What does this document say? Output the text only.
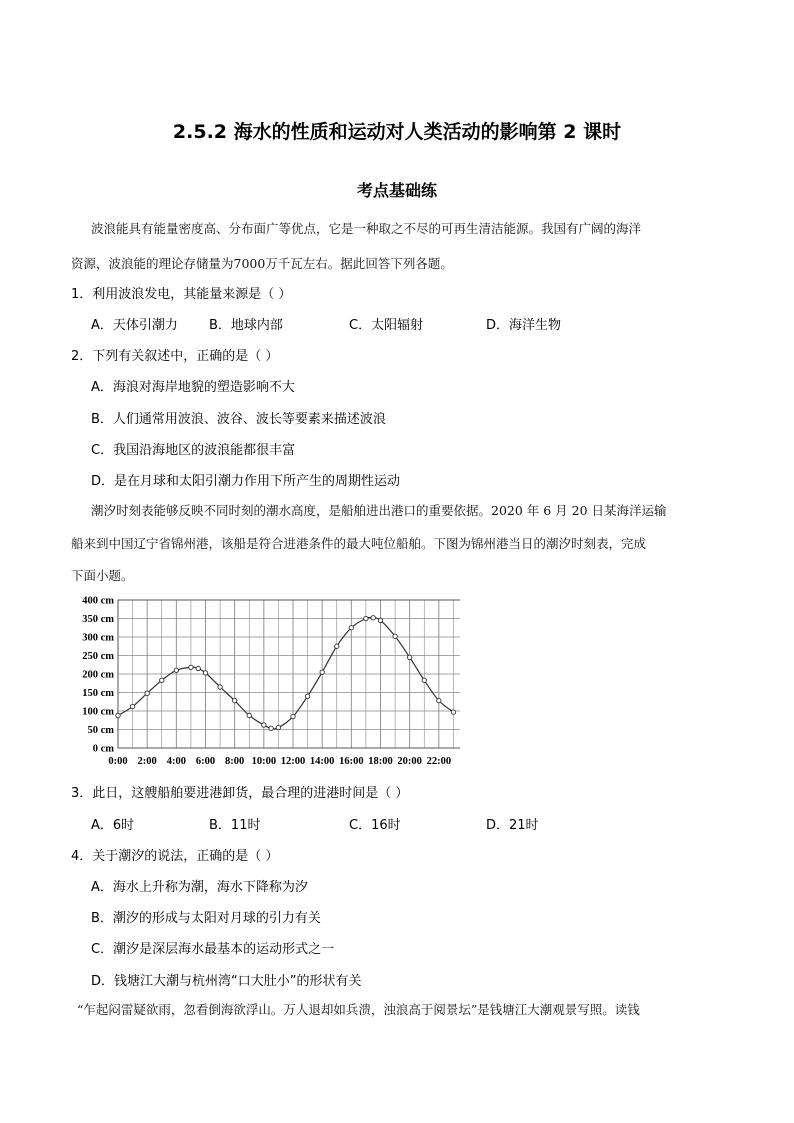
2.5.2 海水的性质和运动对人类活动的影响第 2 课时
考点基础练
波浪能具有能量密度高、分布面广等优点，它是一种取之不尽的可再生清洁能源。我国有广阔的海洋
资源，波浪能的理论存储量为7000万千瓦左右。据此回答下列各题。
1．利用波浪发电，其能量来源是（ ）
A．天体引潮力 B．地球内部	C．太阳辐射	D．海洋生物
2．下列有关叙述中，正确的是（ ）
A．海浪对海岸地貌的塑造影响不大
B．人们通常用波浪、波谷、波长等要素来描述波浪
C．我国沿海地区的波浪能都很丰富
D．是在月球和太阳引潮力作用下所产生的周期性运动
潮汐时刻表能够反映不同时刻的潮水高度，是船舶进出港口的重要依据。2020 年 6 月 20 日某海洋运输
船来到中国辽宁省锦州港，该船是符合进港条件的最大吨位船舶。下图为锦州港当日的潮汐时刻表，完成
下面小题。
0 cm
50 cm
100 cm
150 cm
200 cm
250 cm
300 cm
350 cm
400 cm
0:00 2:00 4:00 6:00 8:00 10:00 12:00 14:00 16:00 18:00 20:00 22:00
3．此日，这艘船舶要进港卸货，最合理的进港时间是（ ）
A．6时	B．11时	C．16时	D．21时
4．关于潮汐的说法，正确的是（ ）
A．海水上升称为潮，海水下降称为汐
B．潮汐的形成与太阳对月球的引力有关
C．潮汐是深层海水最基本的运动形式之一
D．钱塘江大潮与杭州湾“口大肚小”的形状有关
“乍起闷雷疑欲雨，忽看倒海欲浮山。万人退却如兵溃，浊浪高于阅景坛”是钱塘江大潮观景写照。读钱
